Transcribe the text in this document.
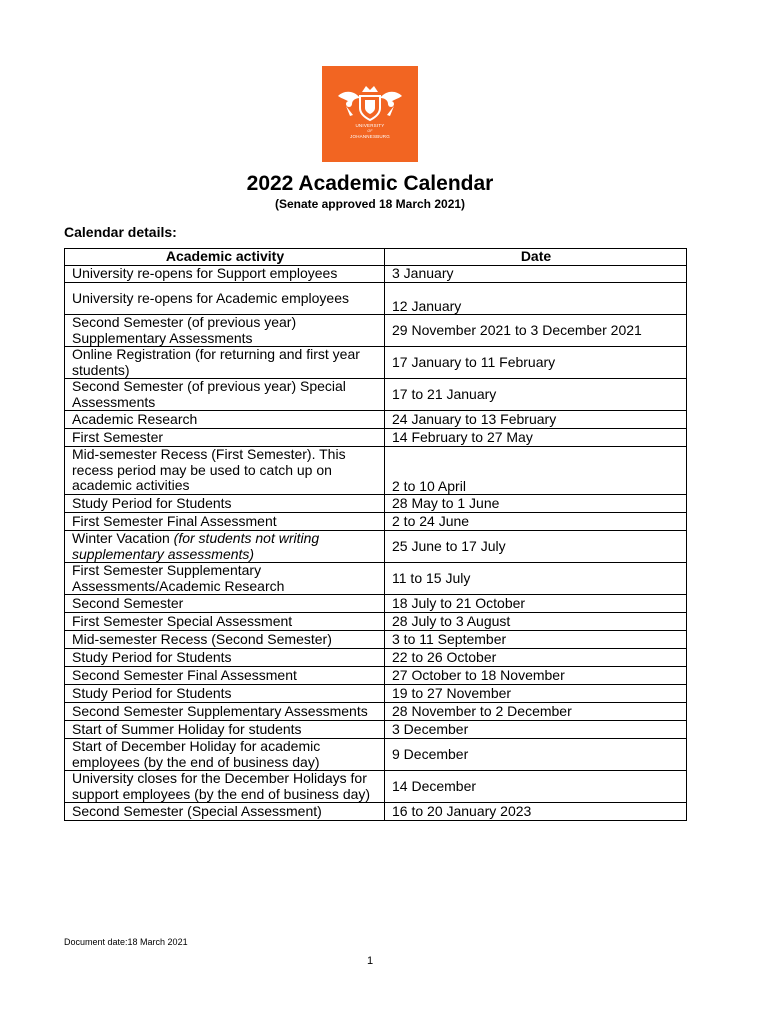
UNIVERSITY
OF
JOHANNESBURG
2022 Academic Calendar
(Senate approved 18 March 2021)
Calendar details:
Academic activity	Date
University re-opens for Support employees	3 January
University re-opens for Academic employees	12 January
Second Semester (of previous year) Supplementary Assessments	29 November 2021 to 3 December 2021
Online Registration (for returning and first year students)	17 January to 11 February
Second Semester (of previous year) Special Assessments	17 to 21 January
Academic Research	24 January to 13 February
First Semester	14 February to 27 May
Mid-semester Recess (First Semester). This recess period may be used to catch up on academic activities	2 to 10 April
Study Period for Students	28 May to 1 June
First Semester Final Assessment	2 to 24 June
Winter Vacation (for students not writing supplementary assessments)	25 June to 17 July
First Semester Supplementary Assessments/Academic Research	11 to 15 July
Second Semester	18 July to 21 October
First Semester Special Assessment	28 July to 3 August
Mid-semester Recess (Second Semester)	3 to 11 September
Study Period for Students	22 to 26 October
Second Semester Final Assessment	27 October to 18 November
Study Period for Students	19 to 27 November
Second Semester Supplementary Assessments	28 November to 2 December
Start of Summer Holiday for students	3 December
Start of December Holiday for academic employees (by the end of business day)	9 December
University closes for the December Holidays for support employees (by the end of business day)	14 December
Second Semester (Special Assessment)	16 to 20 January 2023
Document date:18 March 2021
1
